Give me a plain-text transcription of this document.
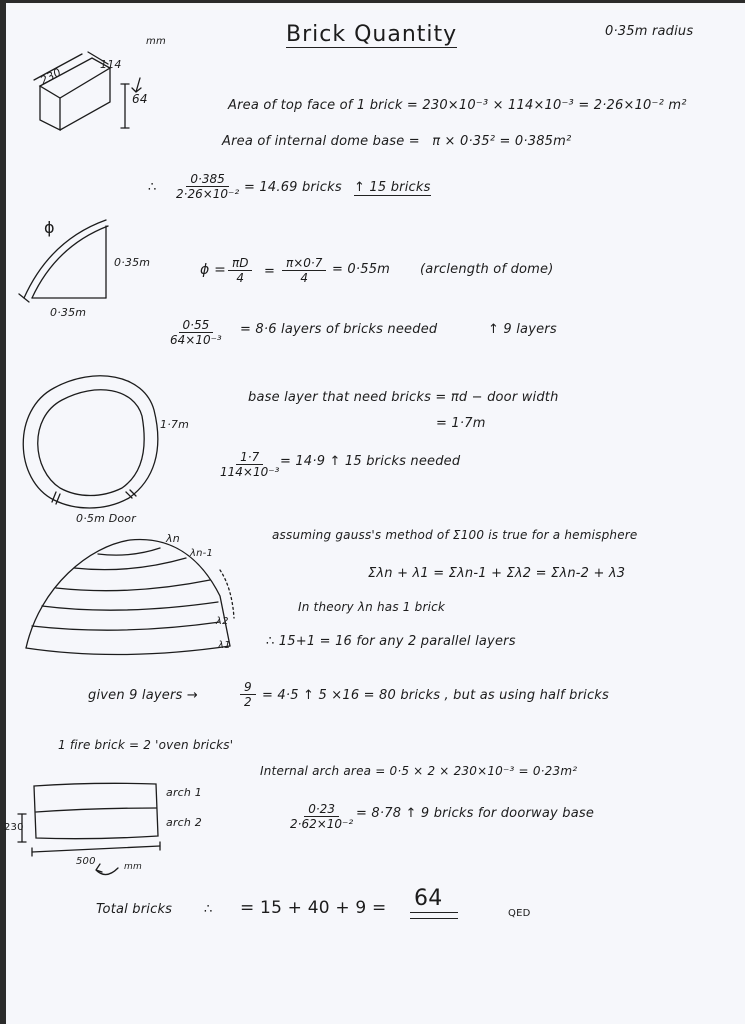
Brick Quantity	0·35m radius
mm
230
114
64	Area of top face of 1 brick = 230×10⁻³ × 114×10⁻³ = 2·26×10⁻² m²
Area of internal dome base = π × 0·35² = 0·385m²
∴ $\frac{0\cdot 385}{\text{2·26×10⁻²}} = 14.69$ bricks ↑ 15 bricks
ϕ
0·35m
0·35m
$\phi = \frac{\pi D}{4} = \frac{\pi\times 0\cdot 7}{4} = 0\cdot 55m$ (arclength of dome)
$\frac{0\cdot 55}{\text{64×10⁻³}} = 8\cdot 6$ layers of bricks needed	↑ 9 layers
1·7m
0·5m Door
base layer that need bricks = πd − door width
= 1·7m
$\frac{1\cdot 7}{\text{114×10⁻³}}$
= 14·9 ↑ 15 bricks needed
λn
λn-1
λ2
λ1
assuming gauss's method of Σ100 is true for a hemisphere
Σλn + λ1 = Σλn-1 + Σλ2 = Σλn-2 + λ3
In theory λn has 1 brick
∴ 15+1 = 16 for any 2 parallel layers
given 9 layers →	$\frac{9}{2} = 4\cdot 5$ ↑ 5 ×16 = 80 bricks , but as using half bricks
1 fire brick = 2 'oven bricks'
arch 1
arch 2
230
500	mm
Internal arch area = 0·5 × 2 × 230×10⁻³ = 0·23m²
$\frac{0\cdot 23}{\text{2·62×10⁻²}} = 8\cdot 78$ ↑ 9 bricks for doorway base
Total bricks ∴ = 15 + 40 + 9 = 64
QED
